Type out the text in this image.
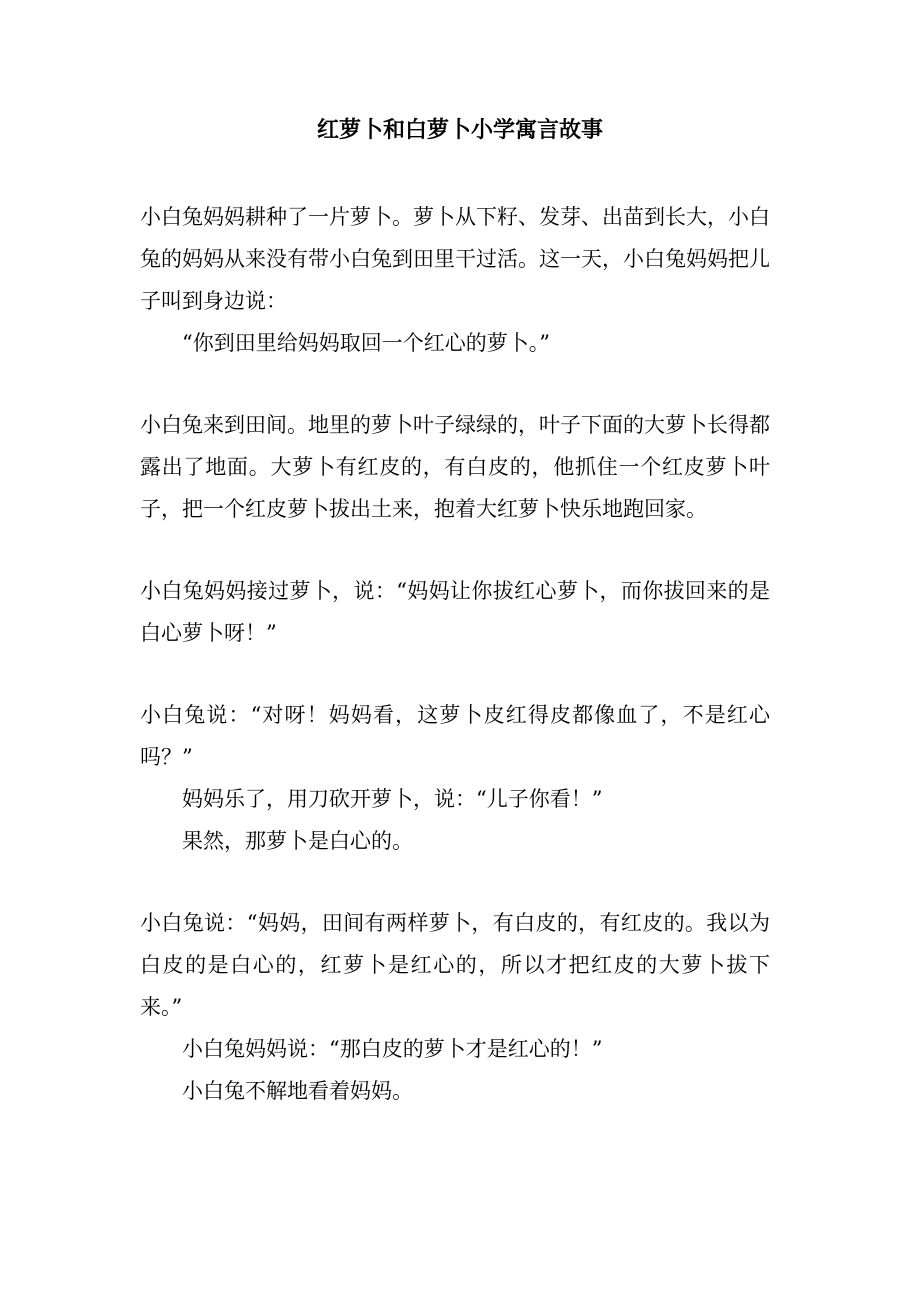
红萝卜和白萝卜小学寓言故事

小白兔妈妈耕种了一片萝卜。萝卜从下籽、发芽、出苗到长大，小白兔的妈妈从来没有带小白兔到田里干过活。这一天，小白兔妈妈把儿子叫到身边说：

“你到田里给妈妈取回一个红心的萝卜。”

小白兔来到田间。地里的萝卜叶子绿绿的，叶子下面的大萝卜长得都露出了地面。大萝卜有红皮的，有白皮的，他抓住一个红皮萝卜叶子，把一个红皮萝卜拔出土来，抱着大红萝卜快乐地跑回家。

小白兔妈妈接过萝卜，说：“妈妈让你拔红心萝卜，而你拔回来的是白心萝卜呀！”

小白兔说：“对呀！妈妈看，这萝卜皮红得皮都像血了，不是红心吗？”

妈妈乐了，用刀砍开萝卜，说：“儿子你看！”

果然，那萝卜是白心的。

小白兔说：“妈妈，田间有两样萝卜，有白皮的，有红皮的。我以为白皮的是白心的，红萝卜是红心的，所以才把红皮的大萝卜拔下来。”

小白兔妈妈说：“那白皮的萝卜才是红心的！”

小白兔不解地看着妈妈。
